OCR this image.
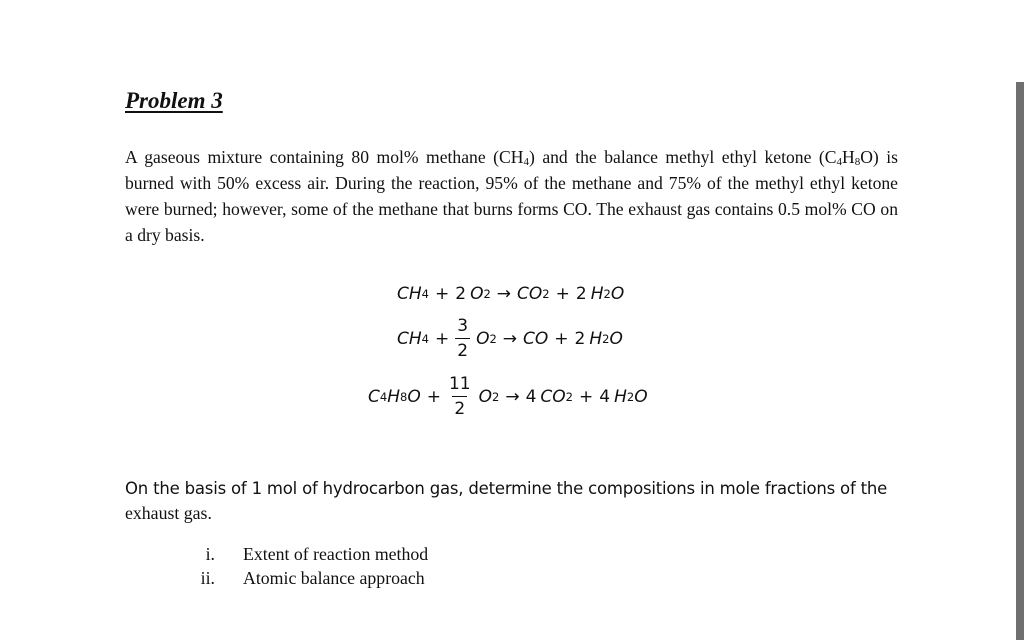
Problem 3

A gaseous mixture containing 80 mol% methane $(CH_4)$ and the balance methyl ethyl ketone $(C_4H_8O)$ is burned with 50% excess air. During the reaction, 95% of the methane and 75% of the methyl ethyl ketone were burned; however, some of the methane that burns forms CO. The exhaust gas contains 0.5 mol% CO on a dry basis.

CH 4 + 2 O 2 → CO 2 + 2 H 2 O
CH $4 + \frac{3}{2}$ O 2 → CO + 2 H 2 O
C 4 H 8 $O + \frac{11}{2}$ O 2 → 4 CO 2 + 4 H 2 O

On the basis of 1 mol of hydrocarbon gas, determine the compositions in mole fractions of the
exhaust gas.

i.	Extent of reaction method
ii.	Atomic balance approach
